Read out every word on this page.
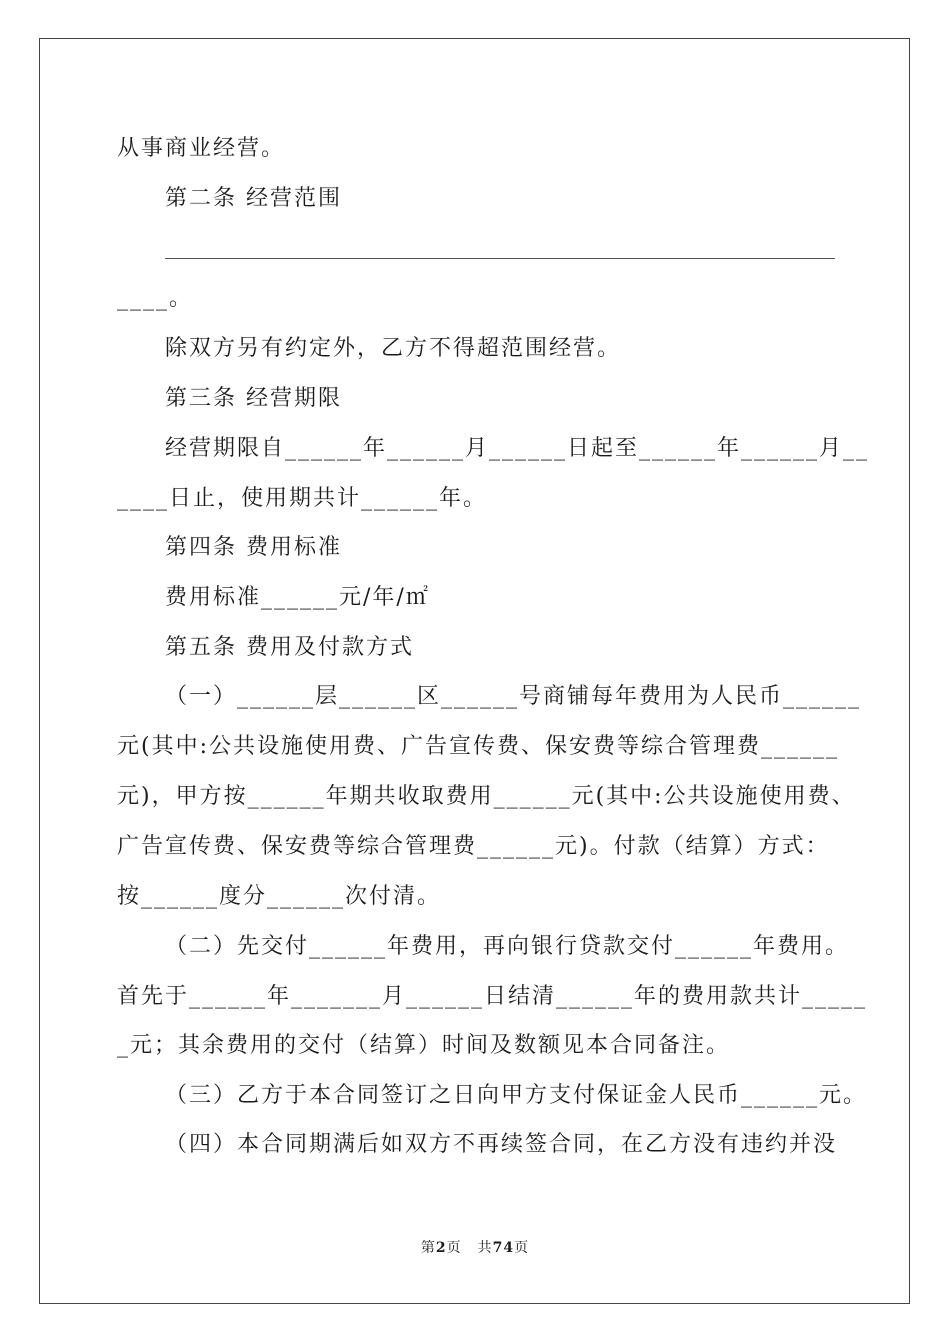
从事商业经营。
第二条 经营范围
____。
除双方另有约定外，乙方不得超范围经营。
第三条 经营期限
经营期限自______年______月______日起至______年______月__
____日止，使用期共计______年。
第四条 费用标准
费用标准______元/年/㎡
第五条 费用及付款方式
（一）______层______区______号商铺每年费用为人民币______
元(其中:公共设施使用费、广告宣传费、保安费等综合管理费______
元)，甲方按______年期共收取费用______元(其中:公共设施使用费、
广告宣传费、保安费等综合管理费______元)。付款（结算）方式：
按______度分______次付清。
（二）先交付______年费用，再向银行贷款交付______年费用。
首先于______年_______月______日结清______年的费用款共计_____
_元；其余费用的交付（结算）时间及数额见本合同备注。
（三）乙方于本合同签订之日向甲方支付保证金人民币______元。
（四）本合同期满后如双方不再续签合同，在乙方没有违约并没
第2页 共74页
